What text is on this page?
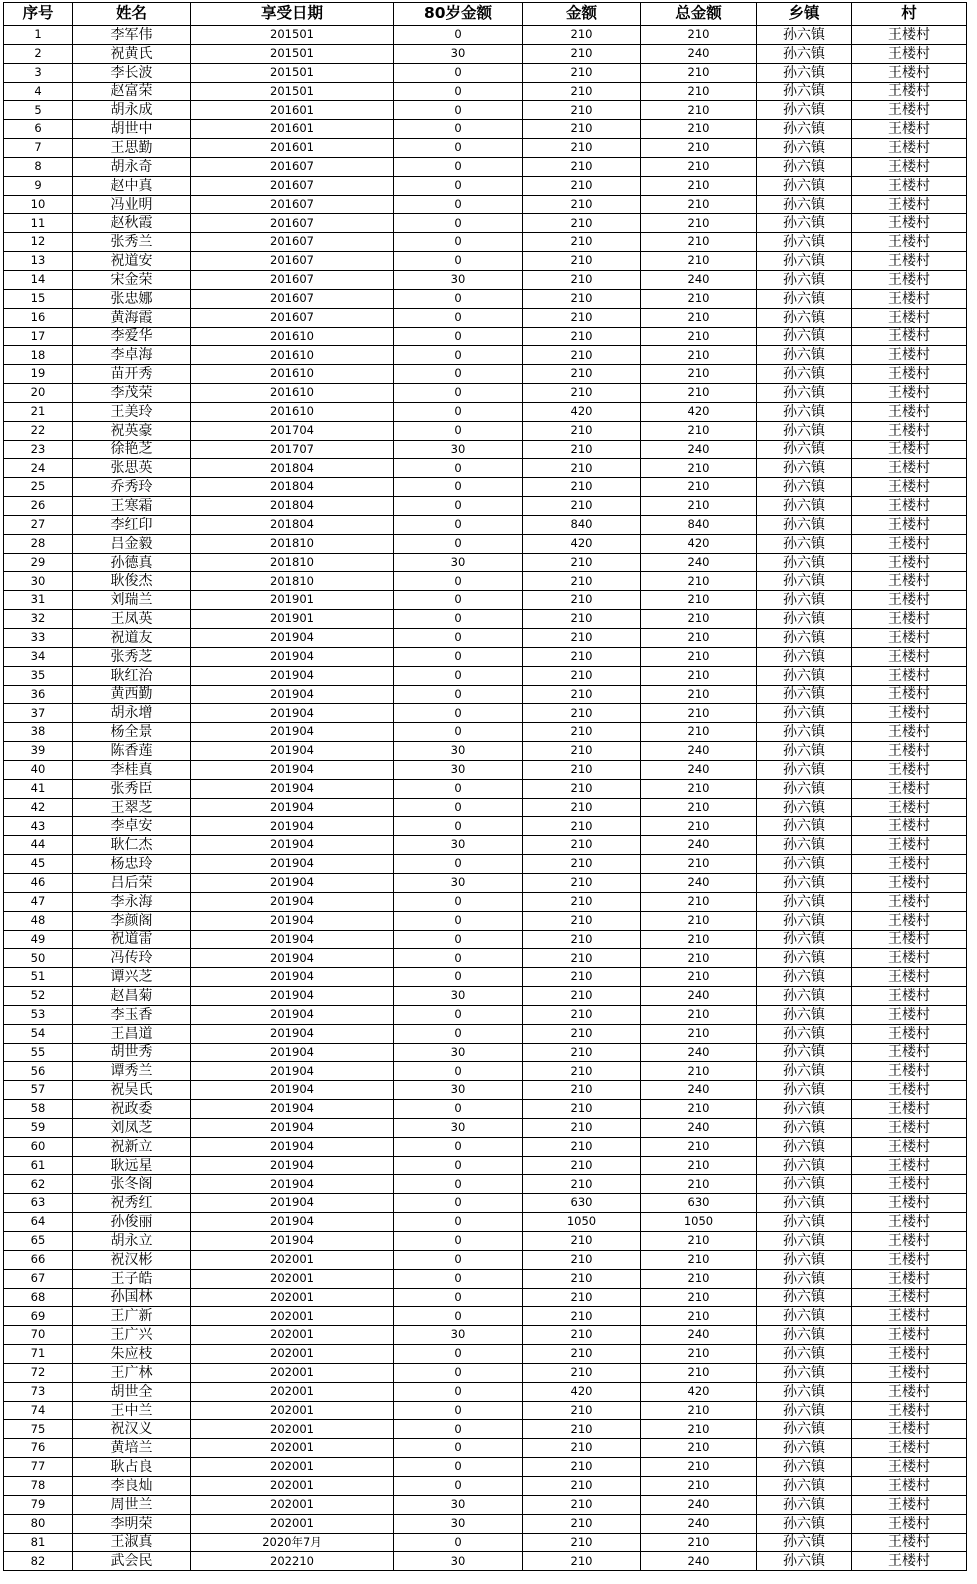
序号	姓名	享受日期	80岁金额	金额	总金额	乡镇	村
1	李军伟	201501	0	210	210	孙六镇	王楼村
2	祝黄氏	201501	30	210	240	孙六镇	王楼村
3	李长波	201501	0	210	210	孙六镇	王楼村
4	赵富荣	201501	0	210	210	孙六镇	王楼村
5	胡永成	201601	0	210	210	孙六镇	王楼村
6	胡世中	201601	0	210	210	孙六镇	王楼村
7	王思勤	201601	0	210	210	孙六镇	王楼村
8	胡永奇	201607	0	210	210	孙六镇	王楼村
9	赵中真	201607	0	210	210	孙六镇	王楼村
10	冯业明	201607	0	210	210	孙六镇	王楼村
11	赵秋霞	201607	0	210	210	孙六镇	王楼村
12	张秀兰	201607	0	210	210	孙六镇	王楼村
13	祝道安	201607	0	210	210	孙六镇	王楼村
14	宋金荣	201607	30	210	240	孙六镇	王楼村
15	张忠娜	201607	0	210	210	孙六镇	王楼村
16	黄海霞	201607	0	210	210	孙六镇	王楼村
17	李爱华	201610	0	210	210	孙六镇	王楼村
18	李卓海	201610	0	210	210	孙六镇	王楼村
19	苗开秀	201610	0	210	210	孙六镇	王楼村
20	李茂荣	201610	0	210	210	孙六镇	王楼村
21	王美玲	201610	0	420	420	孙六镇	王楼村
22	祝英豪	201704	0	210	210	孙六镇	王楼村
23	徐艳芝	201707	30	210	240	孙六镇	王楼村
24	张思英	201804	0	210	210	孙六镇	王楼村
25	乔秀玲	201804	0	210	210	孙六镇	王楼村
26	王寒霜	201804	0	210	210	孙六镇	王楼村
27	李红印	201804	0	840	840	孙六镇	王楼村
28	吕金毅	201810	0	420	420	孙六镇	王楼村
29	孙德真	201810	30	210	240	孙六镇	王楼村
30	耿俊杰	201810	0	210	210	孙六镇	王楼村
31	刘瑞兰	201901	0	210	210	孙六镇	王楼村
32	王凤英	201901	0	210	210	孙六镇	王楼村
33	祝道友	201904	0	210	210	孙六镇	王楼村
34	张秀芝	201904	0	210	210	孙六镇	王楼村
35	耿红治	201904	0	210	210	孙六镇	王楼村
36	黄西勤	201904	0	210	210	孙六镇	王楼村
37	胡永增	201904	0	210	210	孙六镇	王楼村
38	杨全景	201904	0	210	210	孙六镇	王楼村
39	陈香莲	201904	30	210	240	孙六镇	王楼村
40	李桂真	201904	30	210	240	孙六镇	王楼村
41	张秀臣	201904	0	210	210	孙六镇	王楼村
42	王翠芝	201904	0	210	210	孙六镇	王楼村
43	李卓安	201904	0	210	210	孙六镇	王楼村
44	耿仁杰	201904	30	210	240	孙六镇	王楼村
45	杨忠玲	201904	0	210	210	孙六镇	王楼村
46	吕后荣	201904	30	210	240	孙六镇	王楼村
47	李永海	201904	0	210	210	孙六镇	王楼村
48	李颜阁	201904	0	210	210	孙六镇	王楼村
49	祝道雷	201904	0	210	210	孙六镇	王楼村
50	冯传玲	201904	0	210	210	孙六镇	王楼村
51	谭兴芝	201904	0	210	210	孙六镇	王楼村
52	赵昌菊	201904	30	210	240	孙六镇	王楼村
53	李玉香	201904	0	210	210	孙六镇	王楼村
54	王昌道	201904	0	210	210	孙六镇	王楼村
55	胡世秀	201904	30	210	240	孙六镇	王楼村
56	谭秀兰	201904	0	210	210	孙六镇	王楼村
57	祝吴氏	201904	30	210	240	孙六镇	王楼村
58	祝政委	201904	0	210	210	孙六镇	王楼村
59	刘凤芝	201904	30	210	240	孙六镇	王楼村
60	祝新立	201904	0	210	210	孙六镇	王楼村
61	耿远星	201904	0	210	210	孙六镇	王楼村
62	张冬阁	201904	0	210	210	孙六镇	王楼村
63	祝秀红	201904	0	630	630	孙六镇	王楼村
64	孙俊丽	201904	0	1050	1050	孙六镇	王楼村
65	胡永立	201904	0	210	210	孙六镇	王楼村
66	祝汉彬	202001	0	210	210	孙六镇	王楼村
67	王子皓	202001	0	210	210	孙六镇	王楼村
68	孙国林	202001	0	210	210	孙六镇	王楼村
69	王广新	202001	0	210	210	孙六镇	王楼村
70	王广兴	202001	30	210	240	孙六镇	王楼村
71	朱应枝	202001	0	210	210	孙六镇	王楼村
72	王广林	202001	0	210	210	孙六镇	王楼村
73	胡世全	202001	0	420	420	孙六镇	王楼村
74	王中兰	202001	0	210	210	孙六镇	王楼村
75	祝汉义	202001	0	210	210	孙六镇	王楼村
76	黄培兰	202001	0	210	210	孙六镇	王楼村
77	耿占良	202001	0	210	210	孙六镇	王楼村
78	李良灿	202001	0	210	210	孙六镇	王楼村
79	周世兰	202001	30	210	240	孙六镇	王楼村
80	李明荣	202001	30	210	240	孙六镇	王楼村
81	王淑真	2020年7月	0	210	210	孙六镇	王楼村
82	武会民	202210	30	210	240	孙六镇	王楼村
